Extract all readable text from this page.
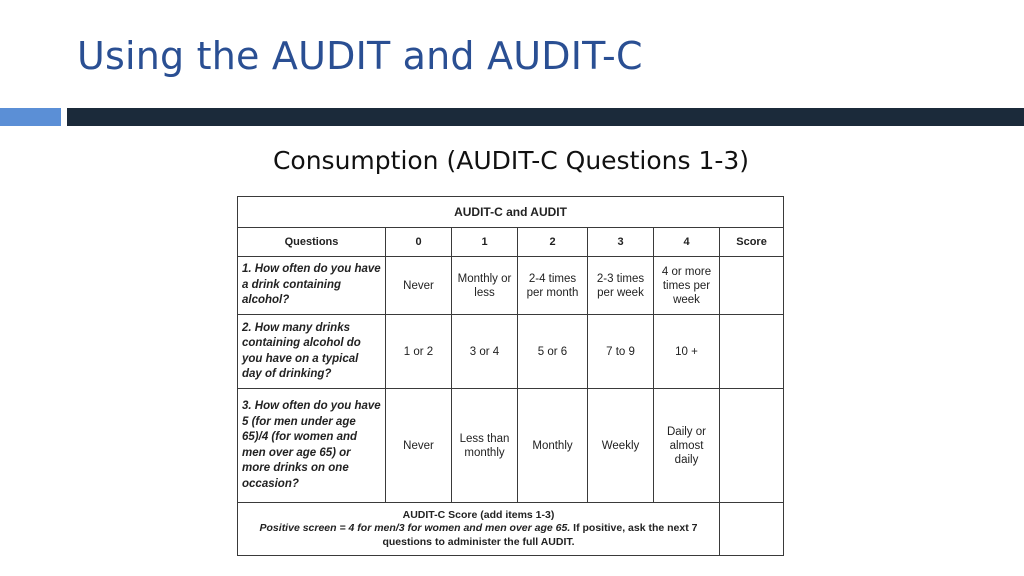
Using the AUDIT and AUDIT-C
Consumption (AUDIT-C Questions 1-3)
AUDIT-C and AUDIT						
Questions	0	1	2	3	4	Score
1. How often do you have a drink containing alcohol?	Never	Monthly or less	2-4 times per month	2-3 times per week	4 or more times per week	
2. How many drinks containing alcohol do you have on a typical day of drinking?	1 or 2	3 or 4	5 or 6	7 to 9	10 +	
3. How often do you have 5 (for men under age 65)/4 (for women and men over age 65) or more drinks on one occasion?	Never	Less than monthly	Monthly	Weekly	Daily or almost daily	

AUDIT-C Score (add items 1-3)
Positive screen = 4 for men/3 for women and men over age 65. If positive, ask the next 7 questions to administer the full AUDIT.						
